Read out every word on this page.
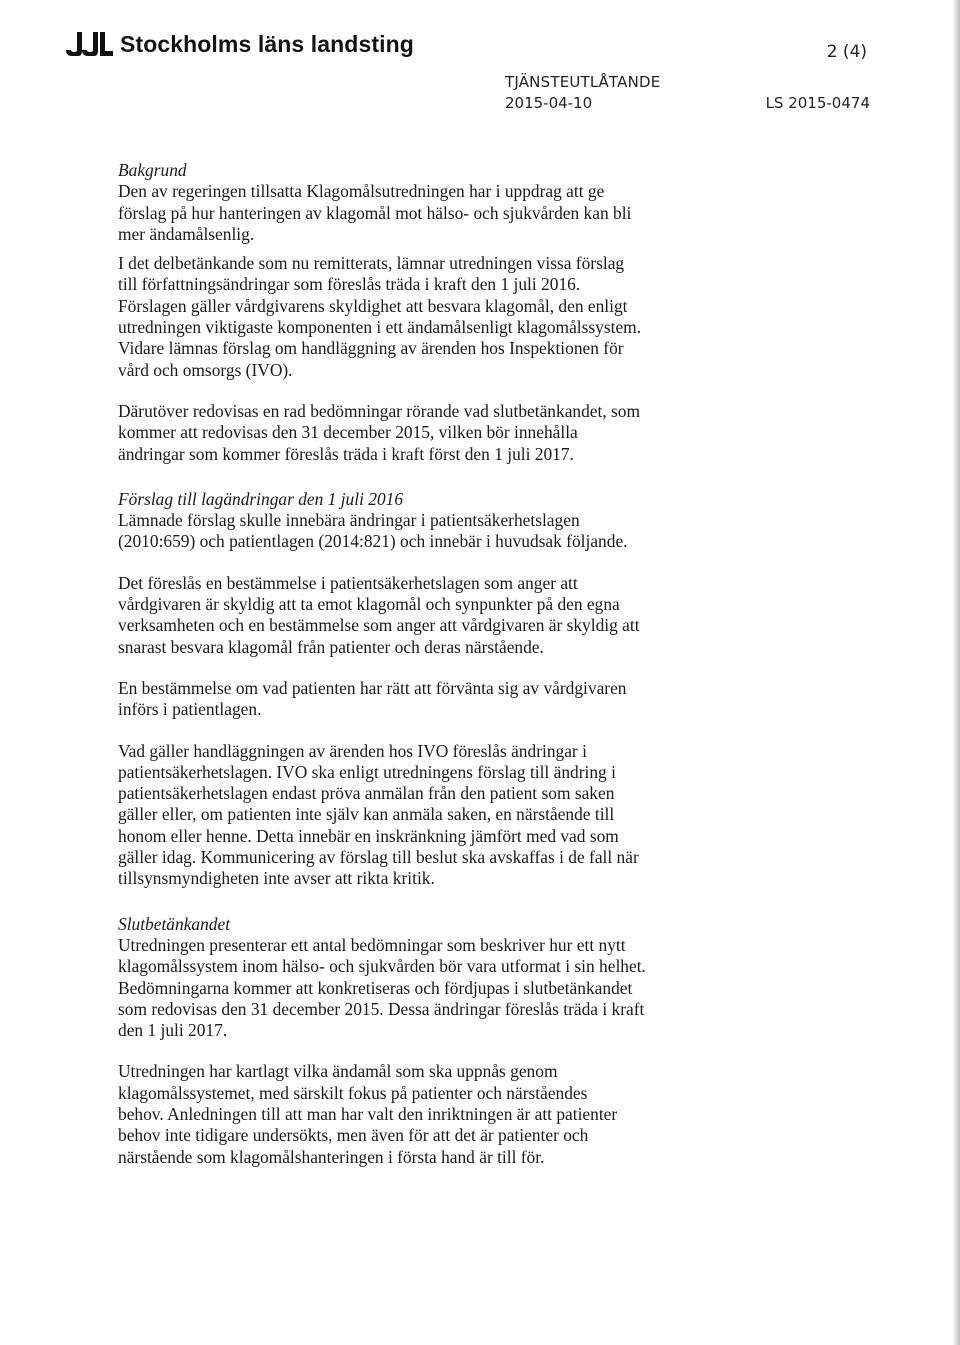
Stockholms läns landsting	2 (4)
TJÄNSTEUTLÅTANDE
2015-04-10	LS 2015-0474

Bakgrund

Den av regeringen tillsatta Klagomålsutredningen har i uppdrag att ge
förslag på hur hanteringen av klagomål mot hälso- och sjukvården kan bli
mer ändamålsenlig.

I det delbetänkande som nu remitterats, lämnar utredningen vissa förslag
till författningsändringar som föreslås träda i kraft den 1 juli 2016.
Förslagen gäller vårdgivarens skyldighet att besvara klagomål, den enligt
utredningen viktigaste komponenten i ett ändamålsenligt klagomålssystem.
Vidare lämnas förslag om handläggning av ärenden hos Inspektionen för
vård och omsorgs (IVO).

Därutöver redovisas en rad bedömningar rörande vad slutbetänkandet, som
kommer att redovisas den 31 december 2015, vilken bör innehålla
ändringar som kommer föreslås träda i kraft först den 1 juli 2017.

Förslag till lagändringar den 1 juli 2016

Lämnade förslag skulle innebära ändringar i patientsäkerhetslagen
(2010:659) och patientlagen (2014:821) och innebär i huvudsak följande.

Det föreslås en bestämmelse i patientsäkerhetslagen som anger att
vårdgivaren är skyldig att ta emot klagomål och synpunkter på den egna
verksamheten och en bestämmelse som anger att vårdgivaren är skyldig att
snarast besvara klagomål från patienter och deras närstående.

En bestämmelse om vad patienten har rätt att förvänta sig av vårdgivaren
införs i patientlagen.

Vad gäller handläggningen av ärenden hos IVO föreslås ändringar i
patientsäkerhetslagen. IVO ska enligt utredningens förslag till ändring i
patientsäkerhetslagen endast pröva anmälan från den patient som saken
gäller eller, om patienten inte själv kan anmäla saken, en närstående till
honom eller henne. Detta innebär en inskränkning jämfört med vad som
gäller idag. Kommunicering av förslag till beslut ska avskaffas i de fall när
tillsynsmyndigheten inte avser att rikta kritik.

Slutbetänkandet

Utredningen presenterar ett antal bedömningar som beskriver hur ett nytt
klagomålssystem inom hälso- och sjukvården bör vara utformat i sin helhet.
Bedömningarna kommer att konkretiseras och fördjupas i slutbetänkandet
som redovisas den 31 december 2015. Dessa ändringar föreslås träda i kraft
den 1 juli 2017.

Utredningen har kartlagt vilka ändamål som ska uppnås genom
klagomålssystemet, med särskilt fokus på patienter och närståendes
behov. Anledningen till att man har valt den inriktningen är att patienter
behov inte tidigare undersökts, men även för att det är patienter och
närstående som klagomålshanteringen i första hand är till för.
